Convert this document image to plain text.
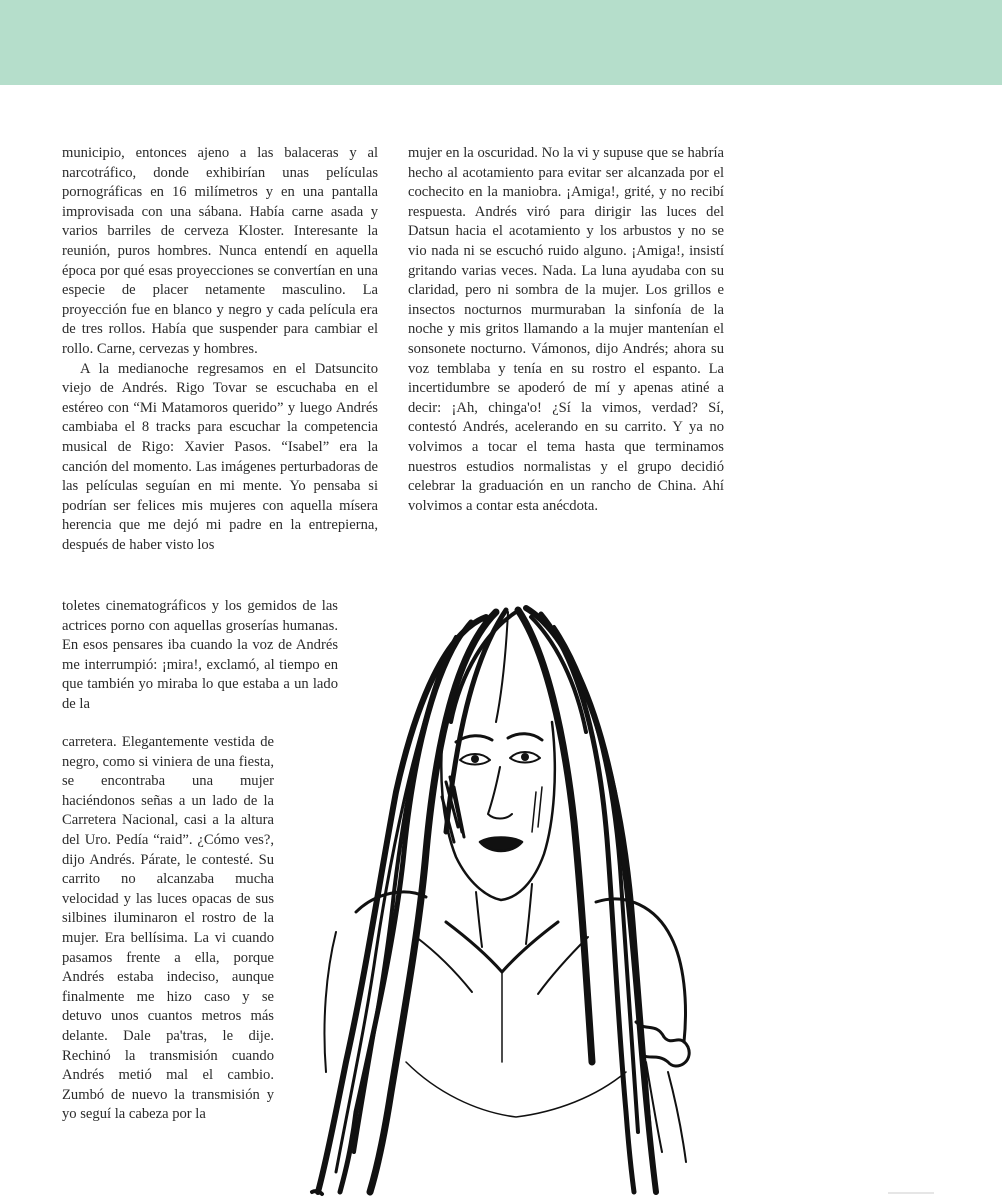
municipio, entonces ajeno a las balaceras y al narcotráfico, donde exhibirían unas películas pornográficas en 16 milímetros y en una pantalla improvisada con una sábana. Había carne asada y varios barriles de cerveza Kloster. Interesante la reunión, puros hombres. Nunca entendí en aquella época por qué esas proyecciones se convertían en una especie de placer netamente masculino. La proyección fue en blanco y negro y cada película era de tres rollos. Había que suspender para cambiar el rollo. Carne, cervezas y hombres.

A la medianoche regresamos en el Datsuncito viejo de Andrés. Rigo Tovar se escuchaba en el estéreo con “Mi Matamoros querido” y luego Andrés cambiaba el 8 tracks para escuchar la competencia musical de Rigo: Xavier Pasos. “Isabel” era la canción del momento. Las imágenes perturbadoras de las películas seguían en mi mente. Yo pensaba si podrían ser felices mis mujeres con aquella mísera herencia que me dejó mi padre en la entrepierna, después de haber visto los

toletes cinematográficos y los gemidos de las actrices porno con aquellas groserías humanas. En esos pensares iba cuando la voz de Andrés me interrumpió: ¡mira!, exclamó, al tiempo en que también yo miraba lo que estaba a un lado de la

carretera. Elegantemente vestida de negro, como si viniera de una fiesta, se encontraba una mujer haciéndonos señas a un lado de la Carretera Nacional, casi a la altura del Uro. Pedía “raid”. ¿Cómo ves?, dijo Andrés. Párate, le contesté. Su carrito no alcanzaba mucha velocidad y las luces opacas de sus silbines iluminaron el rostro de la mujer. Era bellísima. La vi cuando pasamos frente a ella, porque Andrés estaba indeciso, aunque finalmente me hizo caso y se detuvo unos cuantos metros más delante. Dale pa'tras, le dije. Rechinó la transmisión cuando Andrés metió mal el cambio. Zumbó de nuevo la transmisión y yo seguí la cabeza por la

mujer en la oscuridad. No la vi y supuse que se habría hecho al acotamiento para evitar ser alcanzada por el cochecito en la maniobra. ¡Amiga!, grité, y no recibí respuesta. Andrés viró para dirigir las luces del Datsun hacia el acotamiento y los arbustos y no se vio nada ni se escuchó ruido alguno. ¡Amiga!, insistí gritando varias veces. Nada. La luna ayudaba con su claridad, pero ni sombra de la mujer. Los grillos e insectos nocturnos murmuraban la sinfonía de la noche y mis gritos llamando a la mujer mantenían el sonsonete nocturno. Vámonos, dijo Andrés; ahora su voz temblaba y tenía en su rostro el espanto. La incertidumbre se apoderó de mí y apenas atiné a decir: ¡Ah, chinga'o! ¿Sí la vimos, verdad? Sí, contestó Andrés, acelerando en su carrito. Y ya no volvimos a tocar el tema hasta que terminamos nuestros estudios normalistas y el grupo decidió celebrar la graduación en un rancho de China. Ahí volvimos a contar esta anécdota.
